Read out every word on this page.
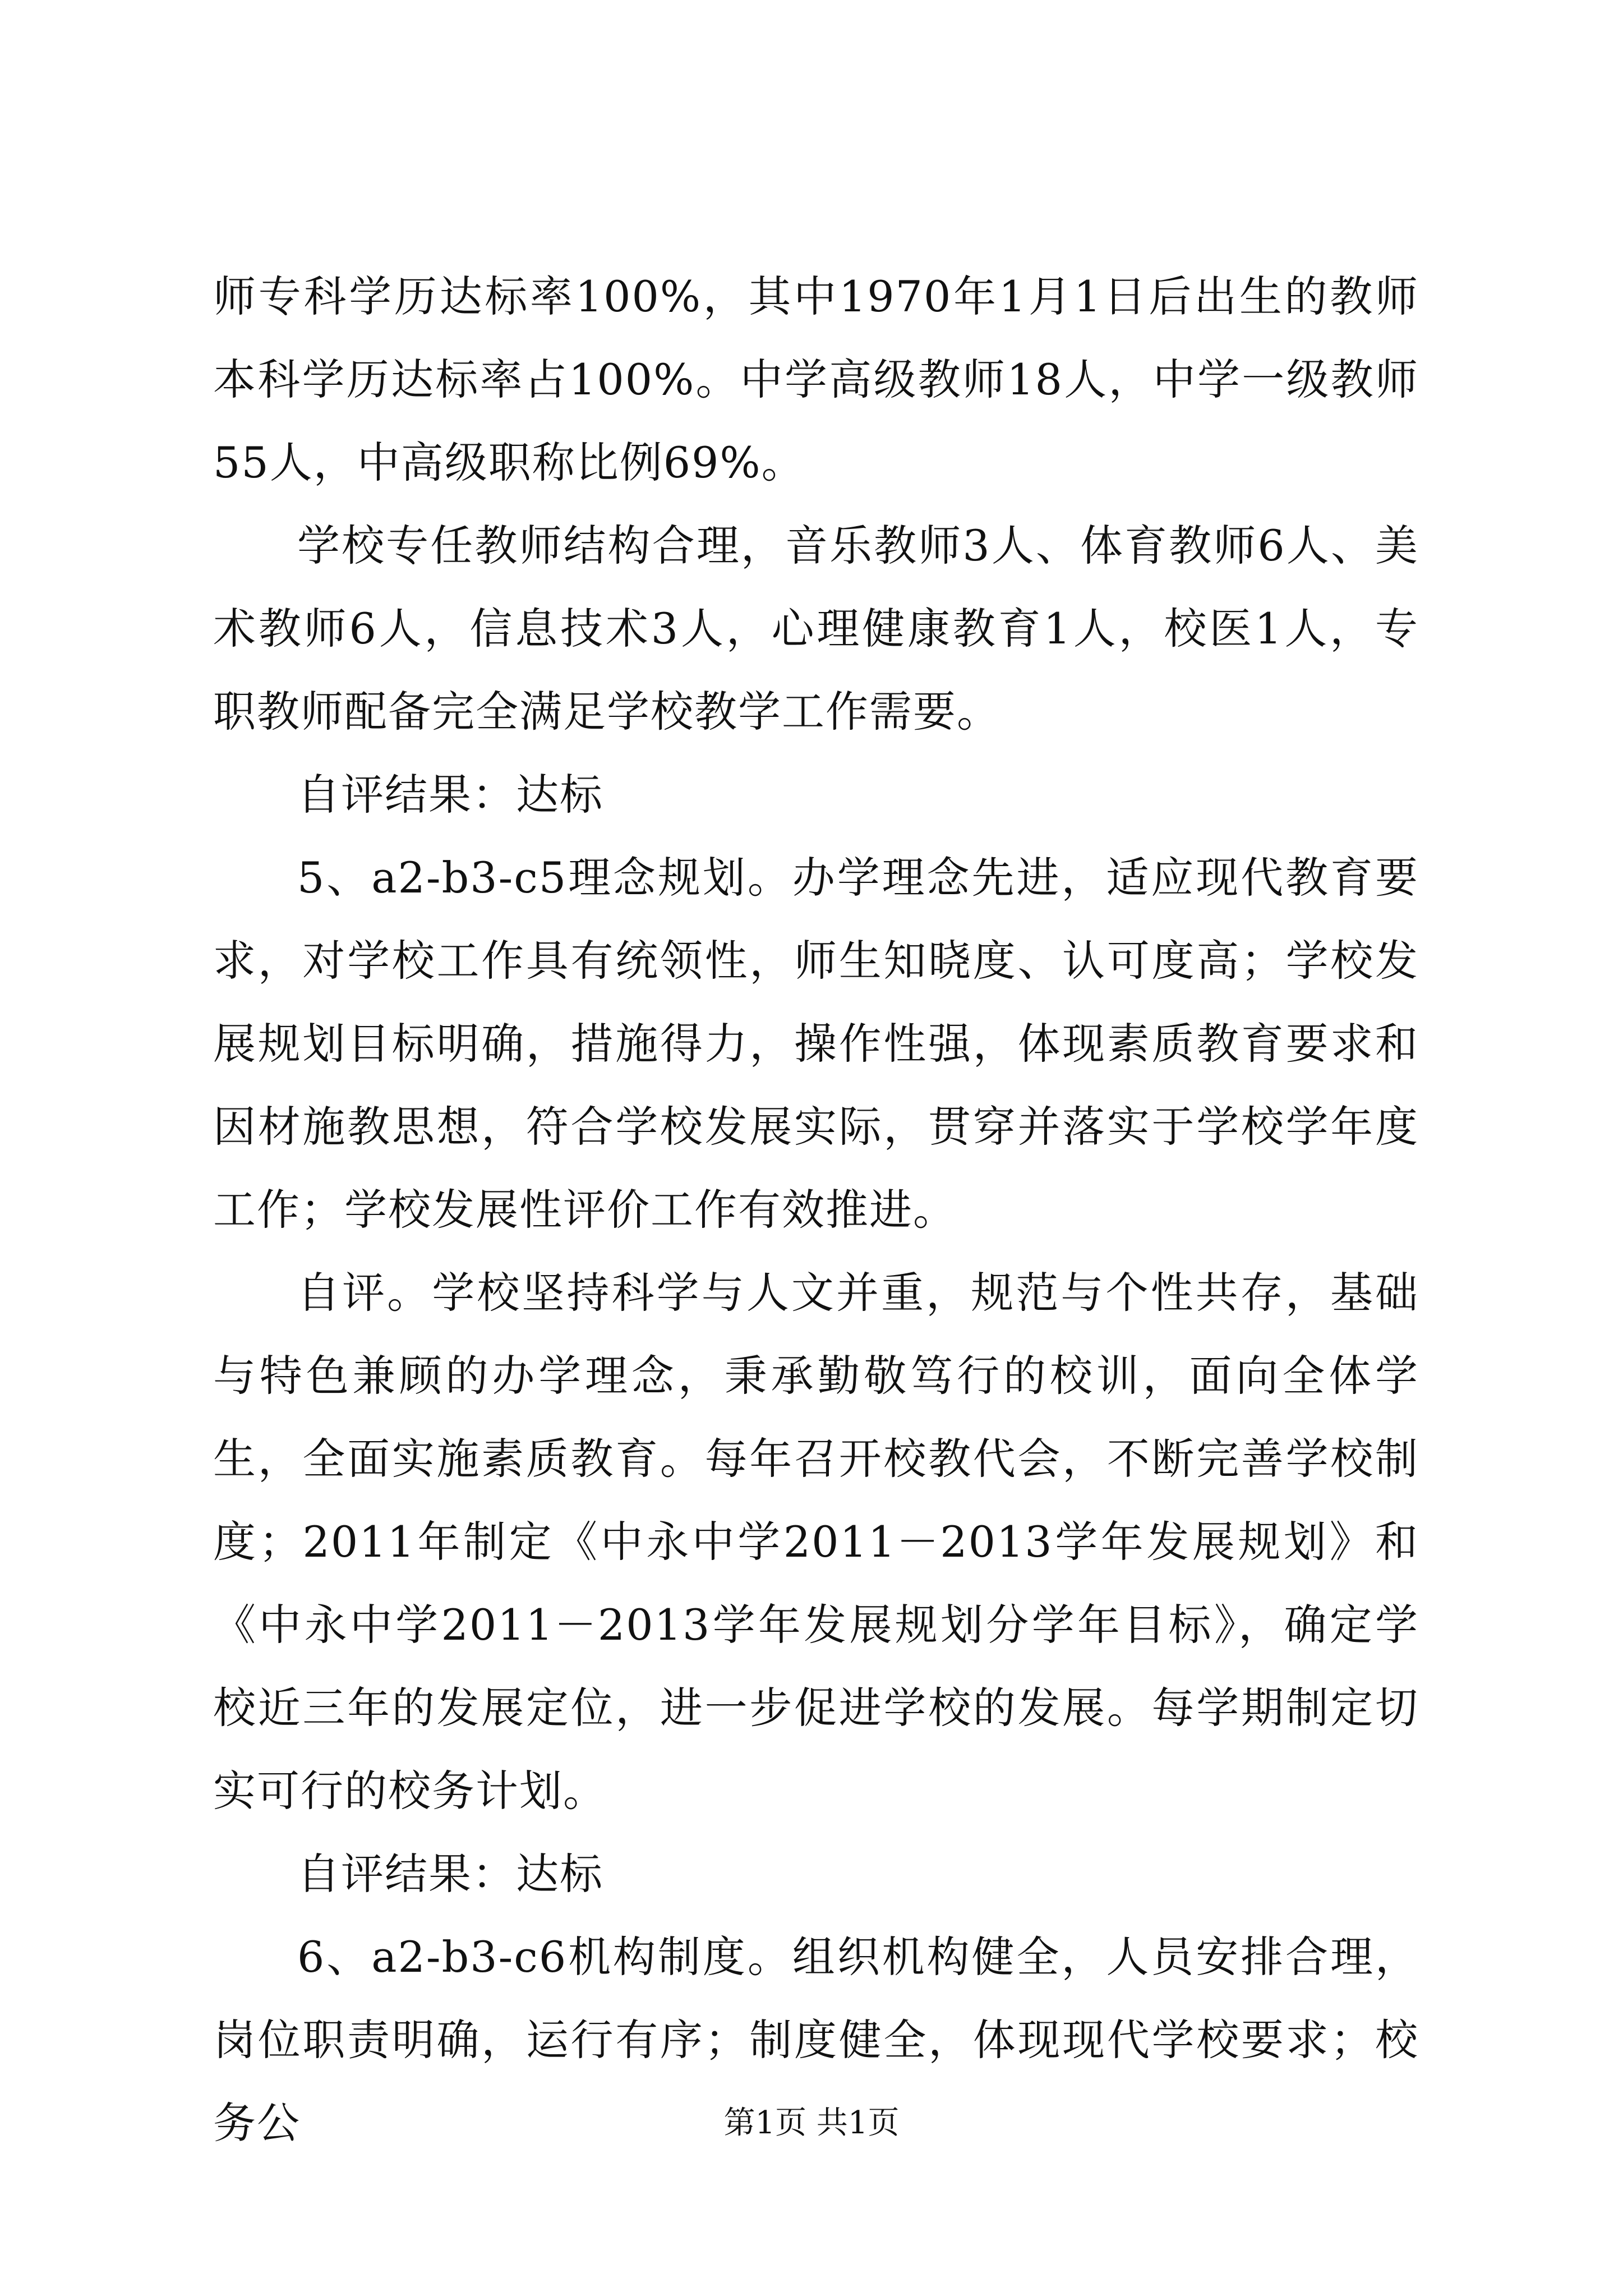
师专科学历达标率100%，其中1970年1月1日后出生的教师本科学历达标率占100%。中学高级教师18人，中学一级教师55人，中高级职称比例69%。

学校专任教师结构合理，音乐教师3人、体育教师6人、美术教师6人，信息技术3人，心理健康教育1人，校医1人，专职教师配备完全满足学校教学工作需要。

自评结果：达标

5、a2-b3-c5理念规划。办学理念先进，适应现代教育要求，对学校工作具有统领性，师生知晓度、认可度高；学校发展规划目标明确，措施得力，操作性强，体现素质教育要求和因材施教思想，符合学校发展实际，贯穿并落实于学校学年度工作；学校发展性评价工作有效推进。

自评。学校坚持科学与人文并重，规范与个性共存，基础与特色兼顾的办学理念，秉承勤敬笃行的校训，面向全体学生，全面实施素质教育。每年召开校教代会，不断完善学校制度；2011年制定《中永中学2011－2013学年发展规划》和《中永中学2011－2013学年发展规划分学年目标》，确定学校近三年的发展定位，进一步促进学校的发展。每学期制定切实可行的校务计划。

自评结果：达标

6、a2-b3-c6机构制度。组织机构健全，人员安排合理，岗位职责明确，运行有序；制度健全，体现现代学校要求；校务公	第1页 共1页
